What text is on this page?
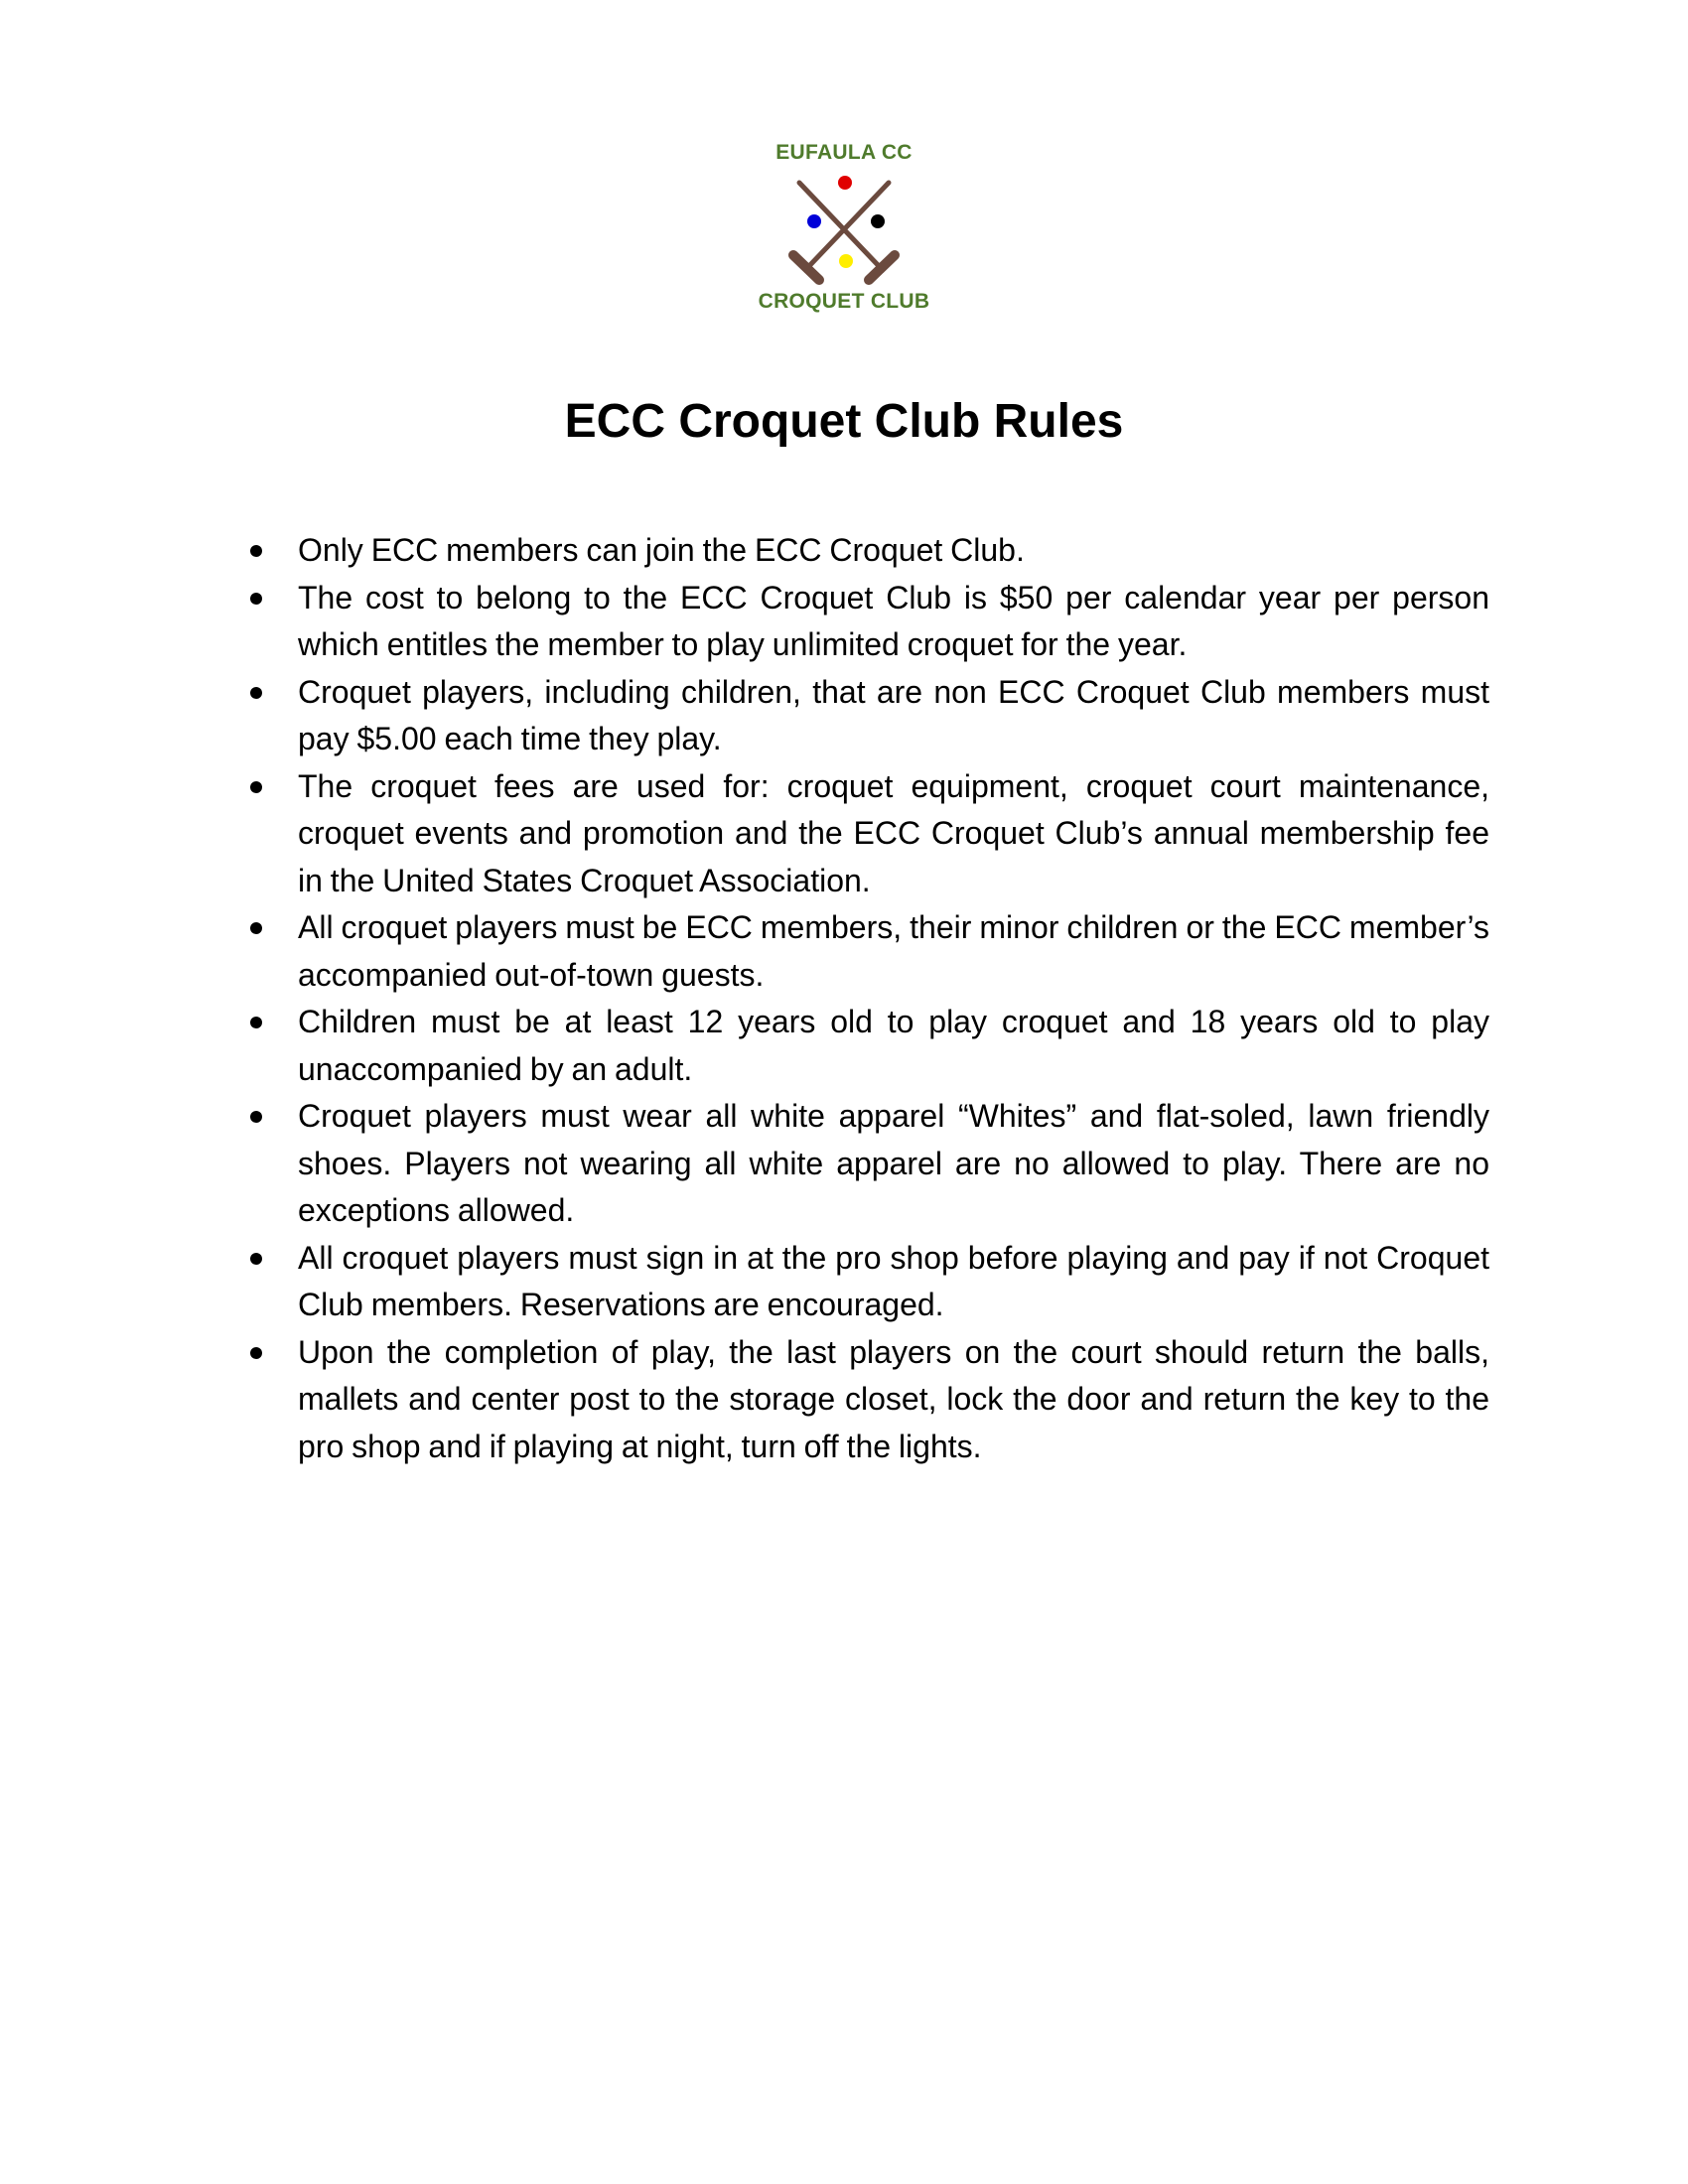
EUFAULA CC
CROQUET CLUB
ECC Croquet Club Rules
Only ECC members can join the ECC Croquet Club.
The cost to belong to the ECC Croquet Club is $50 per calendar year per person which entitles the member to play unlimited croquet for the year.
Croquet players, including children, that are non ECC Croquet Club members must pay $5.00 each time they play.
The croquet fees are used for: croquet equipment, croquet court maintenance, croquet events and promotion and the ECC Croquet Club’s annual membership fee in the United States Croquet Association.
All croquet players must be ECC members, their minor children or the ECC member’s accompanied out-of-town guests.
Children must be at least 12 years old to play croquet and 18 years old to play unaccompanied by an adult.
Croquet players must wear all white apparel “Whites” and flat-soled, lawn friendly shoes. Players not wearing all white apparel are no allowed to play. There are no exceptions allowed.
All croquet players must sign in at the pro shop before playing and pay if not Croquet Club members. Reservations are encouraged.
Upon the completion of play, the last players on the court should return the balls, mallets and center post to the storage closet, lock the door and return the key to the pro shop and if playing at night, turn off the lights.
